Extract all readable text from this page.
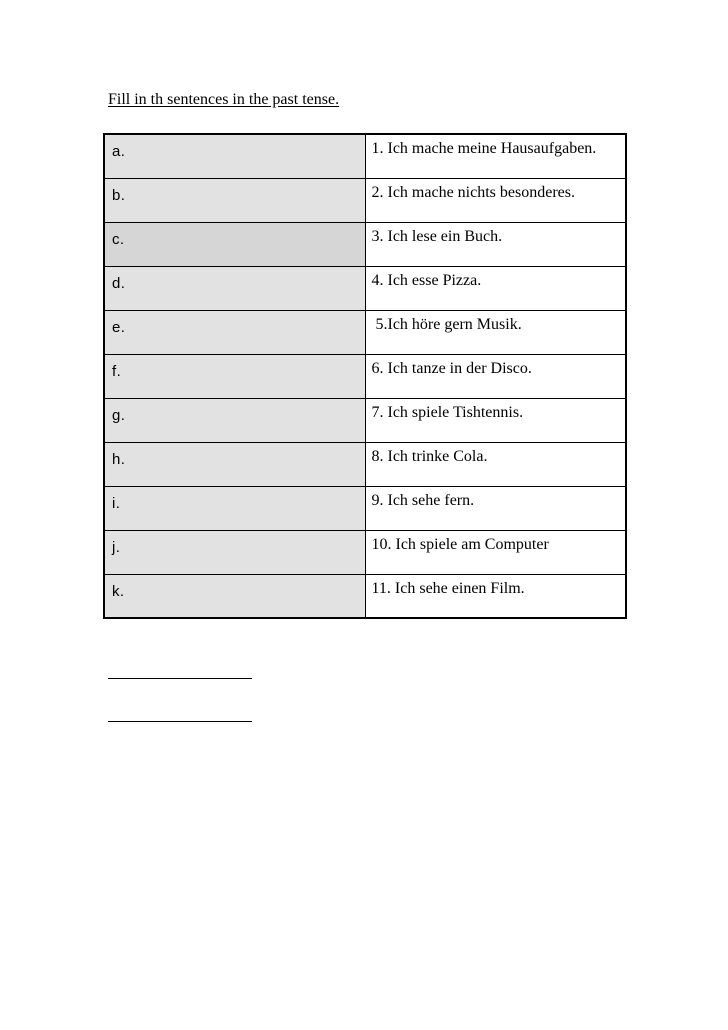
Fill in th sentences in the past tense.
a.	1. Ich mache meine Hausaufgaben.
b.	2. Ich mache nichts besonderes.
c.	3. Ich lese ein Buch.
d.	4. Ich esse Pizza.
e.	5.Ich höre gern Musik.
f.	6. Ich tanze in der Disco.
g.	7. Ich spiele Tishtennis.
h.	8. Ich trinke Cola.
i.	9. Ich sehe fern.
j.	10. Ich spiele am Computer
k.	11. Ich sehe einen Film.
